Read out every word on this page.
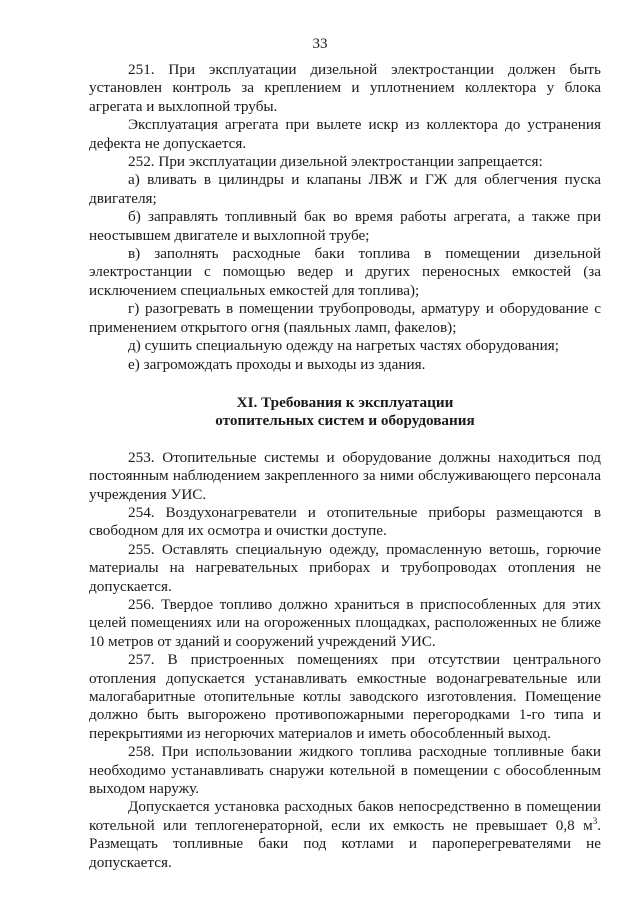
33

251. При эксплуатации дизельной электростанции должен быть установлен контроль за креплением и уплотнением коллектора у блока агрегата и выхлопной трубы.

Эксплуатация агрегата при вылете искр из коллектора до устранения дефекта не допускается.

252. При эксплуатации дизельной электростанции запрещается:

а) вливать в цилиндры и клапаны ЛВЖ и ГЖ для облегчения пуска двигателя;

б) заправлять топливный бак во время работы агрегата, а также при неостывшем двигателе и выхлопной трубе;

в) заполнять расходные баки топлива в помещении дизельной электростанции с помощью ведер и других переносных емкостей (за исключением специальных емкостей для топлива);

г) разогревать в помещении трубопроводы, арматуру и оборудование с применением открытого огня (паяльных ламп, факелов);

д) сушить специальную одежду на нагретых частях оборудования;

е) загромождать проходы и выходы из здания.

XI. Требования к эксплуатации
отопительных систем и оборудования

253. Отопительные системы и оборудование должны находиться под постоянным наблюдением закрепленного за ними обслуживающего персонала учреждения УИС.

254. Воздухонагреватели и отопительные приборы размещаются в свободном для их осмотра и очистки доступе.

255. Оставлять специальную одежду, промасленную ветошь, горючие материалы на нагревательных приборах и трубопроводах отопления не допускается.

256. Твердое топливо должно храниться в приспособленных для этих целей помещениях или на огороженных площадках, расположенных не ближе 10 метров от зданий и сооружений учреждений УИС.

257. В пристроенных помещениях при отсутствии центрального отопления допускается устанавливать емкостные водонагревательные или малогабаритные отопительные котлы заводского изготовления. Помещение должно быть выгорожено противопожарными перегородками 1-го типа и перекрытиями из негорючих материалов и иметь обособленный выход.

258. При использовании жидкого топлива расходные топливные баки необходимо устанавливать снаружи котельной в помещении с обособленным выходом наружу.

Допускается установка расходных баков непосредственно в помещении котельной или теплогенераторной, если их емкость не превышает 0,8 $м^3$. Размещать топливные баки под котлами и пароперегревателями не допускается.
